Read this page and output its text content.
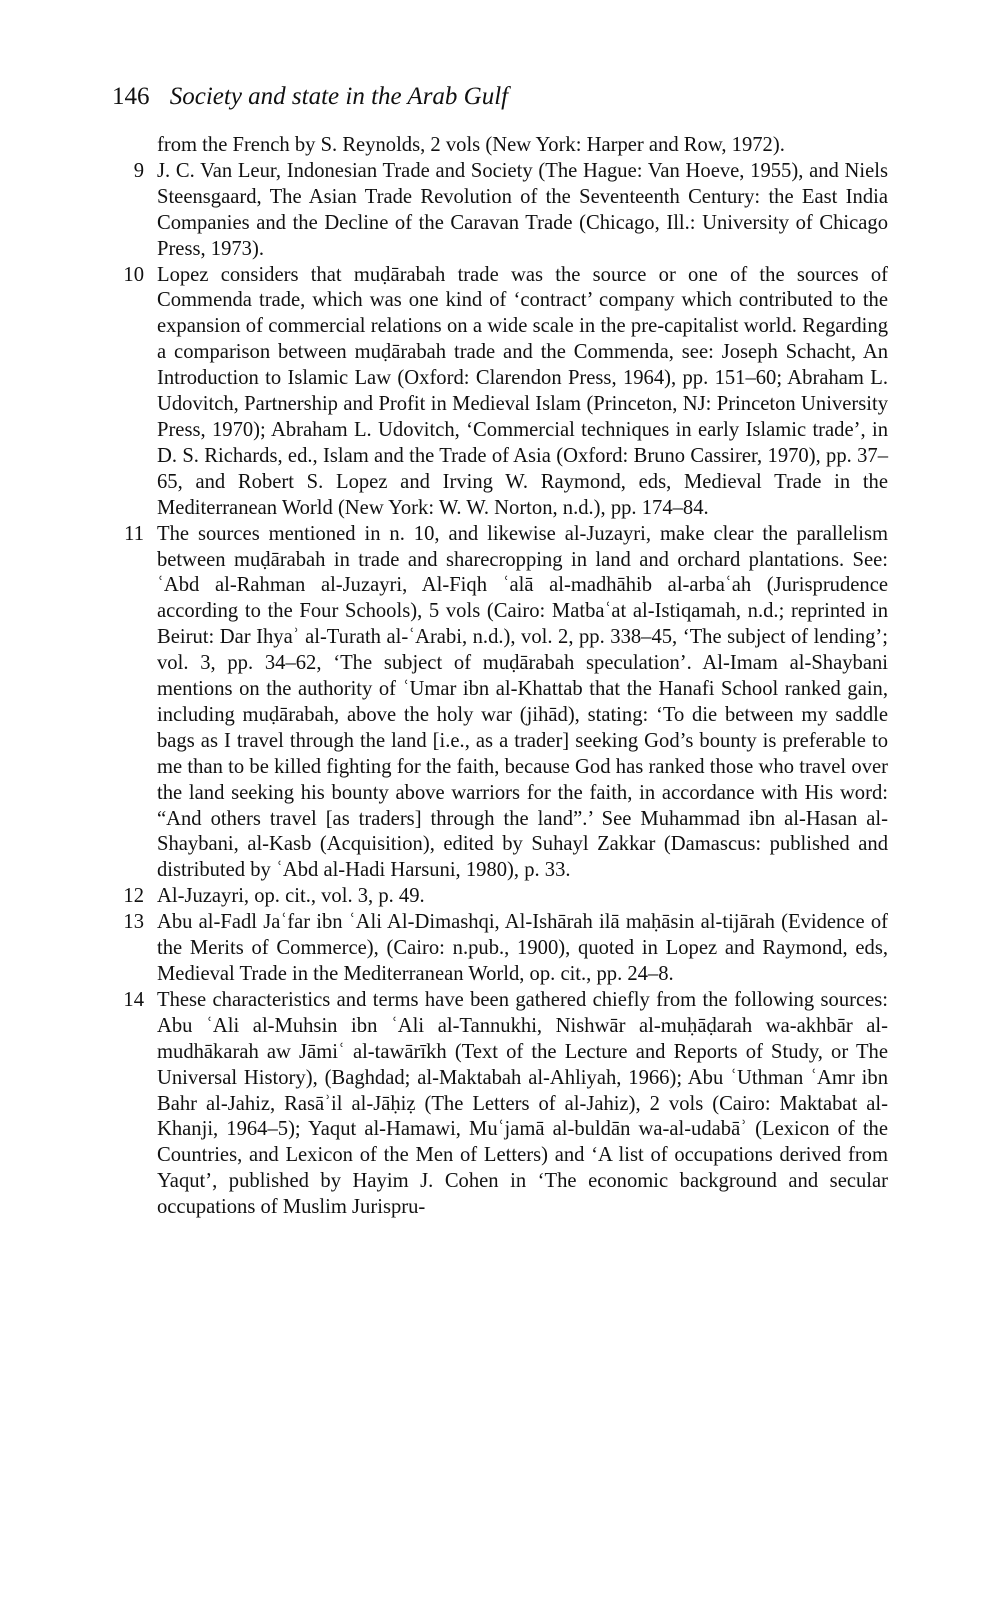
146 Society and state in the Arab Gulf
from the French by S. Reynolds, 2 vols (New York: Harper and Row, 1972).
9 J. C. Van Leur, Indonesian Trade and Society (The Hague: Van Hoeve, 1955), and Niels Steensgaard, The Asian Trade Revolution of the Seventeenth Century: the East India Companies and the Decline of the Caravan Trade (Chicago, Ill.: University of Chicago Press, 1973).
10 Lopez considers that muḍārabah trade was the source or one of the sources of Commenda trade, which was one kind of ‘contract’ company which contributed to the expansion of commercial relations on a wide scale in the pre-capitalist world. Regarding a comparison between muḍārabah trade and the Commenda, see: Joseph Schacht, An Introduction to Islamic Law (Oxford: Clarendon Press, 1964), pp. 151–60; Abraham L. Udovitch, Partnership and Profit in Medieval Islam (Princeton, NJ: Princeton University Press, 1970); Abraham L. Udovitch, ‘Commercial techniques in early Islamic trade’, in D. S. Richards, ed., Islam and the Trade of Asia (Oxford: Bruno Cassirer, 1970), pp. 37–65, and Robert S. Lopez and Irving W. Raymond, eds, Medieval Trade in the Mediterranean World (New York: W. W. Norton, n.d.), pp. 174–84.
11 The sources mentioned in n. 10, and likewise al-Juzayri, make clear the parallelism between muḍārabah in trade and sharecropping in land and orchard plantations. See: ʿAbd al-Rahman al-Juzayri, Al-Fiqh ʿalā al-madhāhib al-arbaʿah (Jurisprudence according to the Four Schools), 5 vols (Cairo: Matbaʿat al-Istiqamah, n.d.; reprinted in Beirut: Dar Ihyaʾ al-Turath al-ʿArabi, n.d.), vol. 2, pp. 338–45, ‘The subject of lending’; vol. 3, pp. 34–62, ‘The subject of muḍārabah speculation’. Al-Imam al-Shaybani mentions on the authority of ʿUmar ibn al-Khattab that the Hanafi School ranked gain, including muḍārabah, above the holy war (jihād), stating: ‘To die between my saddle bags as I travel through the land [i.e., as a trader] seeking God’s bounty is preferable to me than to be killed fighting for the faith, because God has ranked those who travel over the land seeking his bounty above warriors for the faith, in accordance with His word: “And others travel [as traders] through the land”.’ See Muhammad ibn al-Hasan al-Shaybani, al-Kasb (Acquisition), edited by Suhayl Zakkar (Damascus: published and distributed by ʿAbd al-Hadi Harsuni, 1980), p. 33.
12 Al-Juzayri, op. cit., vol. 3, p. 49.
13 Abu al-Fadl Jaʿfar ibn ʿAli Al-Dimashqi, Al-Ishārah ilā maḥāsin al-tijārah (Evidence of the Merits of Commerce), (Cairo: n.pub., 1900), quoted in Lopez and Raymond, eds, Medieval Trade in the Mediterranean World, op. cit., pp. 24–8.
14 These characteristics and terms have been gathered chiefly from the following sources: Abu ʿAli al-Muhsin ibn ʿAli al-Tannukhi, Nishwār al-muḥāḍarah wa-akhbār al-mudhākarah aw Jāmiʿ al-tawārīkh (Text of the Lecture and Reports of Study, or The Universal History), (Baghdad; al-Maktabah al-Ahliyah, 1966); Abu ʿUthman ʿAmr ibn Bahr al-Jahiz, Rasāʾil al-Jāḥiẓ (The Letters of al-Jahiz), 2 vols (Cairo: Maktabat al-Khanji, 1964–5); Yaqut al-Hamawi, Muʿjamā al-buldān wa-al-udabāʾ (Lexicon of the Countries, and Lexicon of the Men of Letters) and ‘A list of occupations derived from Yaqut’, published by Hayim J. Cohen in ‘The economic background and secular occupations of Muslim Jurispru-
